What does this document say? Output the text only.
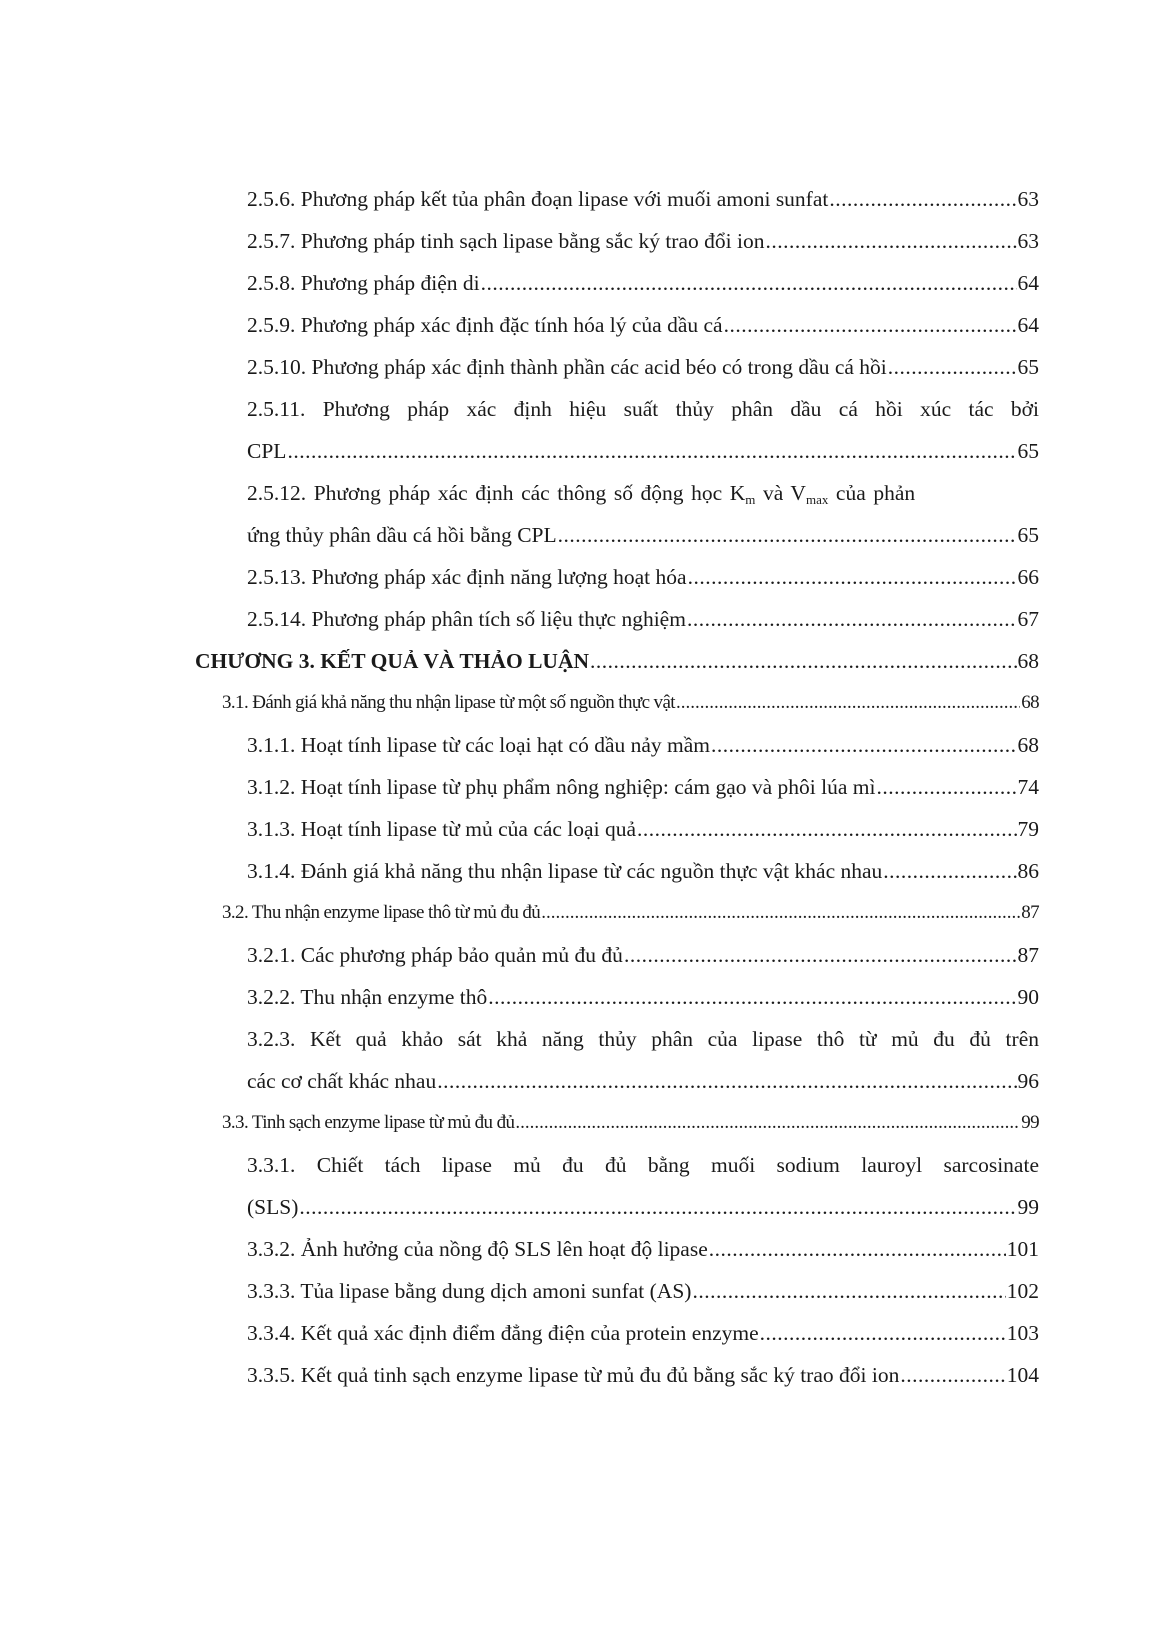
2.5.6. Phương pháp kết tủa phân đoạn lipase với muối amoni sunfat .....	63
2.5.7. Phương pháp tinh sạch lipase bằng sắc ký trao đổi ion .....	63
2.5.8. Phương pháp điện di .....	64
2.5.9. Phương pháp xác định đặc tính hóa lý của dầu cá .....	64
2.5.10. Phương pháp xác định thành phần các acid béo có trong dầu cá hồi .....	65
2.5.11. Phương pháp xác định hiệu suất thủy phân dầu cá hồi xúc tác bởi
CPL .....	65
2.5.12. Phương pháp xác định các thông số động học $K_m$ và $V_{max}$ của phản
ứng thủy phân dầu cá hồi bằng CPL .....	65
2.5.13. Phương pháp xác định năng lượng hoạt hóa .....	66
2.5.14. Phương pháp phân tích số liệu thực nghiệm .....	67
CHƯƠNG 3. KẾT QUẢ VÀ THẢO LUẬN .....	68
3.1. Đánh giá khả năng thu nhận lipase từ một số nguồn thực vật .....	68
3.1.1. Hoạt tính lipase từ các loại hạt có dầu nảy mầm .....	68
3.1.2. Hoạt tính lipase từ phụ phẩm nông nghiệp: cám gạo và phôi lúa mì .....	74
3.1.3. Hoạt tính lipase từ mủ của các loại quả .....	79
3.1.4. Đánh giá khả năng thu nhận lipase từ các nguồn thực vật khác nhau .....	86
3.2. Thu nhận enzyme lipase thô từ mủ đu đủ .....	87
3.2.1. Các phương pháp bảo quản mủ đu đủ .....	87
3.2.2. Thu nhận enzyme thô .....	90
3.2.3. Kết quả khảo sát khả năng thủy phân của lipase thô từ mủ đu đủ trên
các cơ chất khác nhau .....	96
3.3. Tinh sạch enzyme lipase từ mủ đu đủ .....	99
3.3.1. Chiết tách lipase mủ đu đủ bằng muối sodium lauroyl sarcosinate
(SLS) .....	99
3.3.2. Ảnh hưởng của nồng độ SLS lên hoạt độ lipase .....	101
3.3.3. Tủa lipase bằng dung dịch amoni sunfat (AS) .....	102
3.3.4. Kết quả xác định điểm đẳng điện của protein enzyme .....	103
3.3.5. Kết quả tinh sạch enzyme lipase từ mủ đu đủ bằng sắc ký trao đổi ion .....	104
